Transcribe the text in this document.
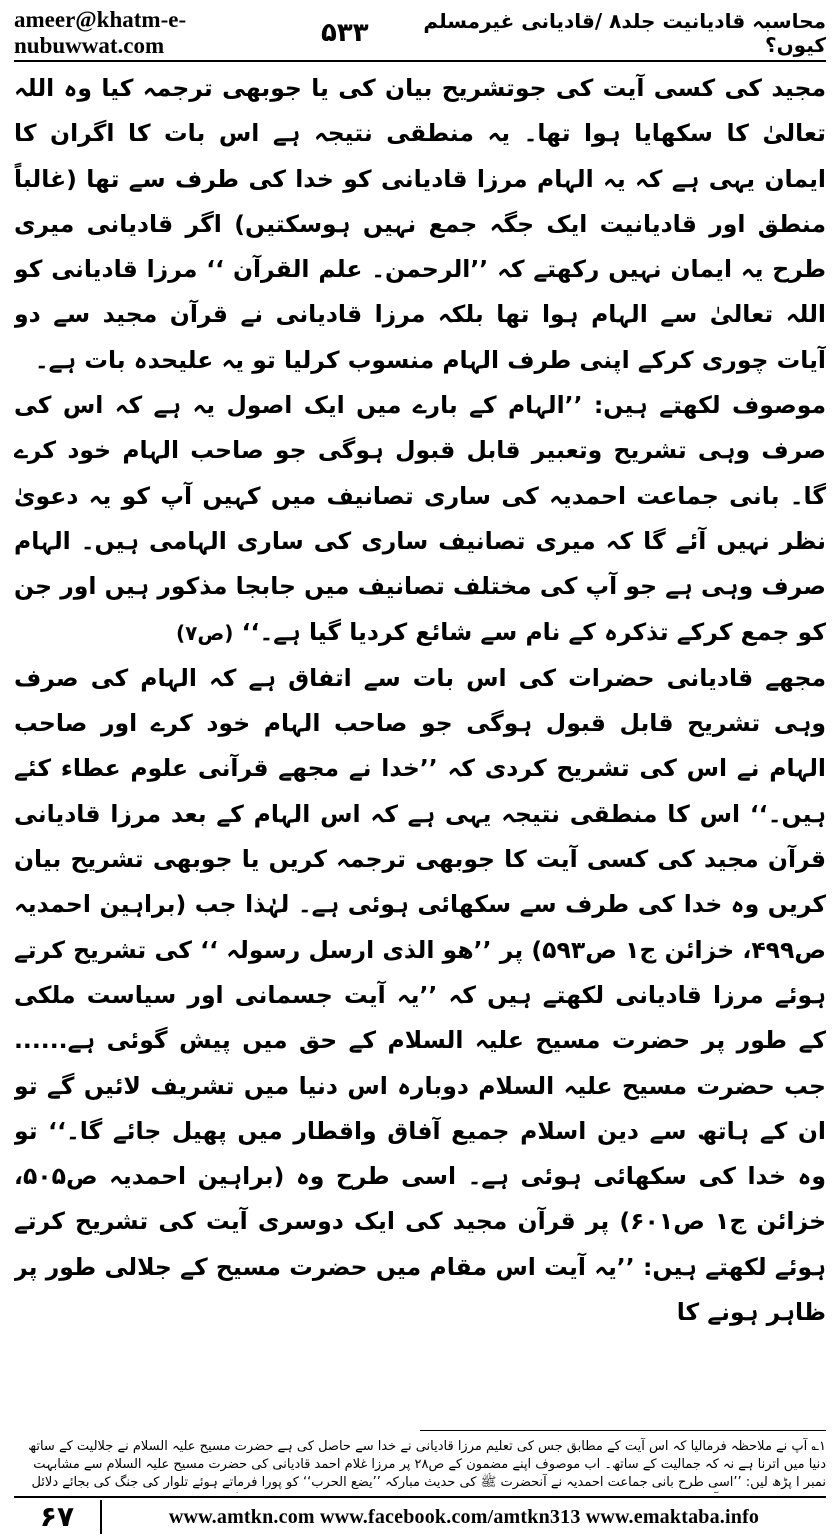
ameer@khatm-e-nubuwwat.com
محاسبہ قادیانیت جلد۸ /قادیانی غیرمسلم کیوں؟
۵۳۳

مجید کی کسی آیت کی جوتشریح بیان کی یا جوبھی ترجمہ کیا وہ اللہ تعالیٰ کا سکھایا ہوا تھا۔ یہ منطقی نتیجہ ہے اس بات کا اگران کا ایمان یہی ہے کہ یہ الہام مرزا قادیانی کو خدا کی طرف سے تھا (غالباً منطق اور قادیانیت ایک جگہ جمع نہیں ہوسکتیں) اگر قادیانی میری طرح یہ ایمان نہیں رکھتے کہ ’’الرحمن۔ علم القرآن ‘‘ مرزا قادیانی کو اللہ تعالیٰ سے الہام ہوا تھا بلکہ مرزا قادیانی نے قرآن مجید سے دو آیات چوری کرکے اپنی طرف الہام منسوب کرلیا تو یہ علیحدہ بات ہے۔

موصوف لکھتے ہیں: ’’الہام کے بارے میں ایک اصول یہ ہے کہ اس کی صرف وہی تشریح وتعبیر قابل قبول ہوگی جو صاحب الہام خود کرے گا۔ بانی جماعت احمدیہ کی ساری تصانیف میں کہیں آپ کو یہ دعویٰ نظر نہیں آئے گا کہ میری تصانیف ساری کی ساری الہامی ہیں۔ الہام صرف وہی ہے جو آپ کی مختلف تصانیف میں جابجا مذکور ہیں اور جن کو جمع کرکے تذکرہ کے نام سے شائع کردیا گیا ہے۔‘‘ (ص۷)

مجھے قادیانی حضرات کی اس بات سے اتفاق ہے کہ الہام کی صرف وہی تشریح قابل قبول ہوگی جو صاحب الہام خود کرے اور صاحب الہام نے اس کی تشریح کردی کہ ’’خدا نے مجھے قرآنی علوم عطاء کئے ہیں۔‘‘ اس کا منطقی نتیجہ یہی ہے کہ اس الہام کے بعد مرزا قادیانی قرآن مجید کی کسی آیت کا جوبھی ترجمہ کریں یا جوبھی تشریح بیان کریں وہ خدا کی طرف سے سکھائی ہوئی ہے۔ لہٰذا جب (براہین احمدیہ ص۴۹۹، خزائن ج۱ ص۵۹۳) پر ’’ھو الذی ارسل رسولہ ‘‘ کی تشریح کرتے ہوئے مرزا قادیانی لکھتے ہیں کہ ’’یہ آیت جسمانی اور سیاست ملکی کے طور پر حضرت مسیح علیہ السلام کے حق میں پیش گوئی ہے...... جب حضرت مسیح علیہ السلام دوبارہ اس دنیا میں تشریف لائیں گے تو ان کے ہاتھ سے دین اسلام جمیع آفاق واقطار میں پھیل جائے گا۔‘‘ تو وہ خدا کی سکھائی ہوئی ہے۔ اسی طرح وہ (براہین احمدیہ ص۵۰۵، خزائن ج۱ ص۶۰۱) پر قرآن مجید کی ایک دوسری آیت کی تشریح کرتے ہوئے لکھتے ہیں: ’’یہ آیت اس مقام میں حضرت مسیح کے جلالی طور پر ظاہر ہونے کا

۱؎ آپ نے ملاحظہ فرمالیا کہ اس آیت کے مطابق جس کی تعلیم مرزا قادیانی نے خدا سے حاصل کی ہے حضرت مسیح علیہ السلام نے جلالیت کے ساتھ دنیا میں اترنا ہے نہ کہ جمالیت کے ساتھ۔ اب موصوف اپنے مضمون کے ص۲۸ پر مرزا غلام احمد قادیانی کی حضرت مسیح علیہ السلام سے مشابہت نمبر ا پڑھ لیں: ’’اسی طرح بانی جماعت احمدیہ نے آنحضرت ﷺ کی حدیث مبارکہ ’’یضع الحرب‘‘ کو پورا فرماتے ہوئے تلوار کی جنگ کی بجائے دلائل

۶۷	www.amtkn.com www.facebook.com/amtkn313 www.emaktaba.info
